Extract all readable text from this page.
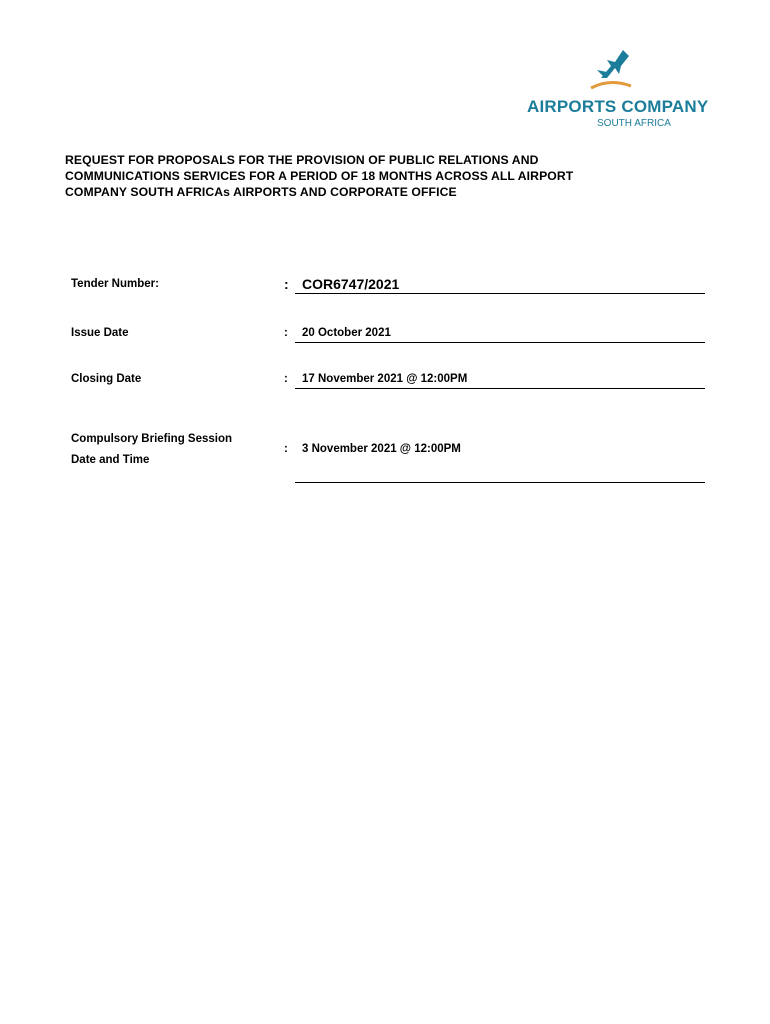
AIRPORTS COMPANY
SOUTH AFRICA
REQUEST FOR PROPOSALS FOR THE PROVISION OF PUBLIC RELATIONS AND
COMMUNICATIONS SERVICES FOR A PERIOD OF 18 MONTHS ACROSS ALL AIRPORT
COMPANY SOUTH AFRICAs AIRPORTS AND CORPORATE OFFICE
Tender Number:	: COR6747/2021
Issue Date	: 20 October 2021
Closing Date	: 17 November 2021 @ 12:00PM
Compulsory Briefing Session
Date and Time
: 3 November 2021 @ 12:00PM
